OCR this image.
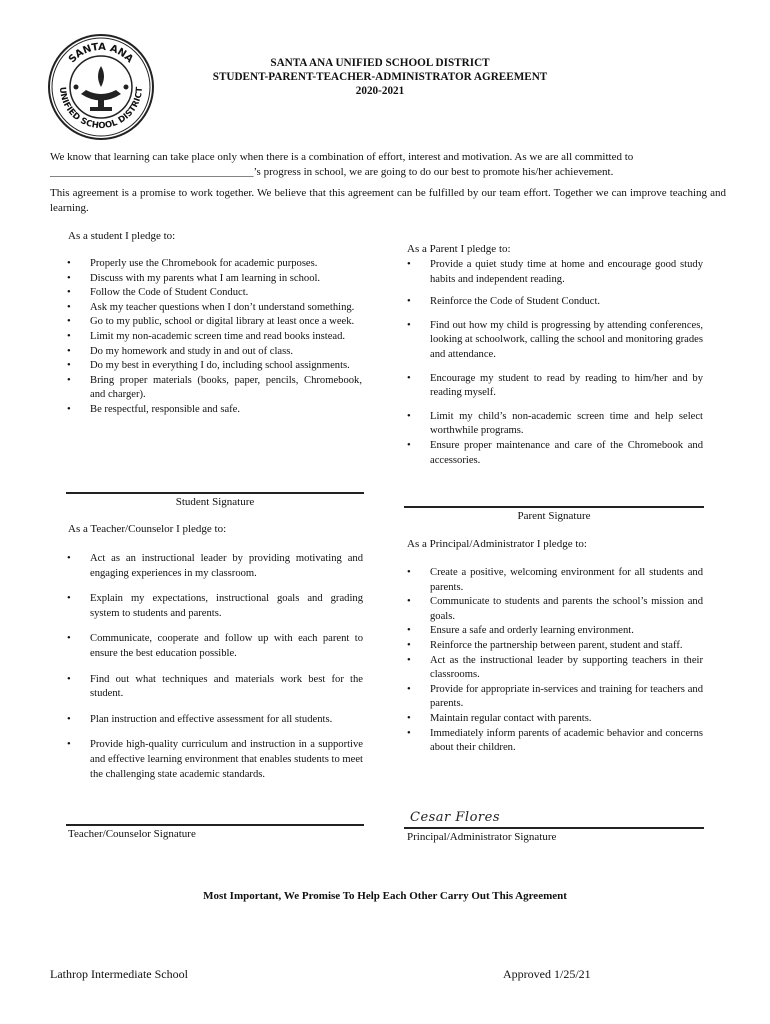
SANTA ANA
UNIFIED SCHOOL DISTRICT
SANTA ANA UNIFIED SCHOOL DISTRICT
STUDENT-PARENT-TEACHER-ADMINISTRATOR AGREEMENT
2020-2021
We know that learning can take place only when there is a combination of effort, interest and motivation. As we are all committed to
_____________________________________’s progress in school, we are going to do our best to promote his/her achievement.
This agreement is a promise to work together. We believe that this agreement can be fulfilled by our team effort. Together we can improve teaching and learning.
As a student I pledge to:
• Properly use the Chromebook for academic purposes.
• Discuss with my parents what I am learning in school.
• Follow the Code of Student Conduct.
• Ask my teacher questions when I don’t understand something.
• Go to my public, school or digital library at least once a week.
• Limit my non-academic screen time and read books instead.
• Do my homework and study in and out of class.
• Do my best in everything I do, including school assignments.
• Bring proper materials (books, paper, pencils, Chromebook, and charger).
• Be respectful, responsible and safe.
Student Signature
As a Parent I pledge to:
• Provide a quiet study time at home and encourage good study habits and independent reading.
• Reinforce the Code of Student Conduct.
• Find out how my child is progressing by attending conferences, looking at schoolwork, calling the school and monitoring grades and attendance.
• Encourage my student to read by reading to him/her and by reading myself.
• Limit my child’s non-academic screen time and help select worthwhile programs.
• Ensure proper maintenance and care of the Chromebook and accessories.
Parent Signature
As a Teacher/Counselor I pledge to:
• Act as an instructional leader by providing motivating and engaging experiences in my classroom.
• Explain my expectations, instructional goals and grading system to students and parents.
• Communicate, cooperate and follow up with each parent to ensure the best education possible.
• Find out what techniques and materials work best for the student.
• Plan instruction and effective assessment for all students.
• Provide high-quality curriculum and instruction in a supportive and effective learning environment that enables students to meet the challenging state academic standards.
Teacher/Counselor Signature
As a Principal/Administrator I pledge to:
• Create a positive, welcoming environment for all students and parents.
• Communicate to students and parents the school’s mission and goals.
• Ensure a safe and orderly learning environment.
• Reinforce the partnership between parent, student and staff.
• Act as the instructional leader by supporting teachers in their classrooms.
• Provide for appropriate in-services and training for teachers and parents.
• Maintain regular contact with parents.
• Immediately inform parents of academic behavior and concerns about their children.
Cesar Flores
Principal/Administrator Signature
Most Important, We Promise To Help Each Other Carry Out This Agreement
Lathrop Intermediate School	Approved 1/25/21
